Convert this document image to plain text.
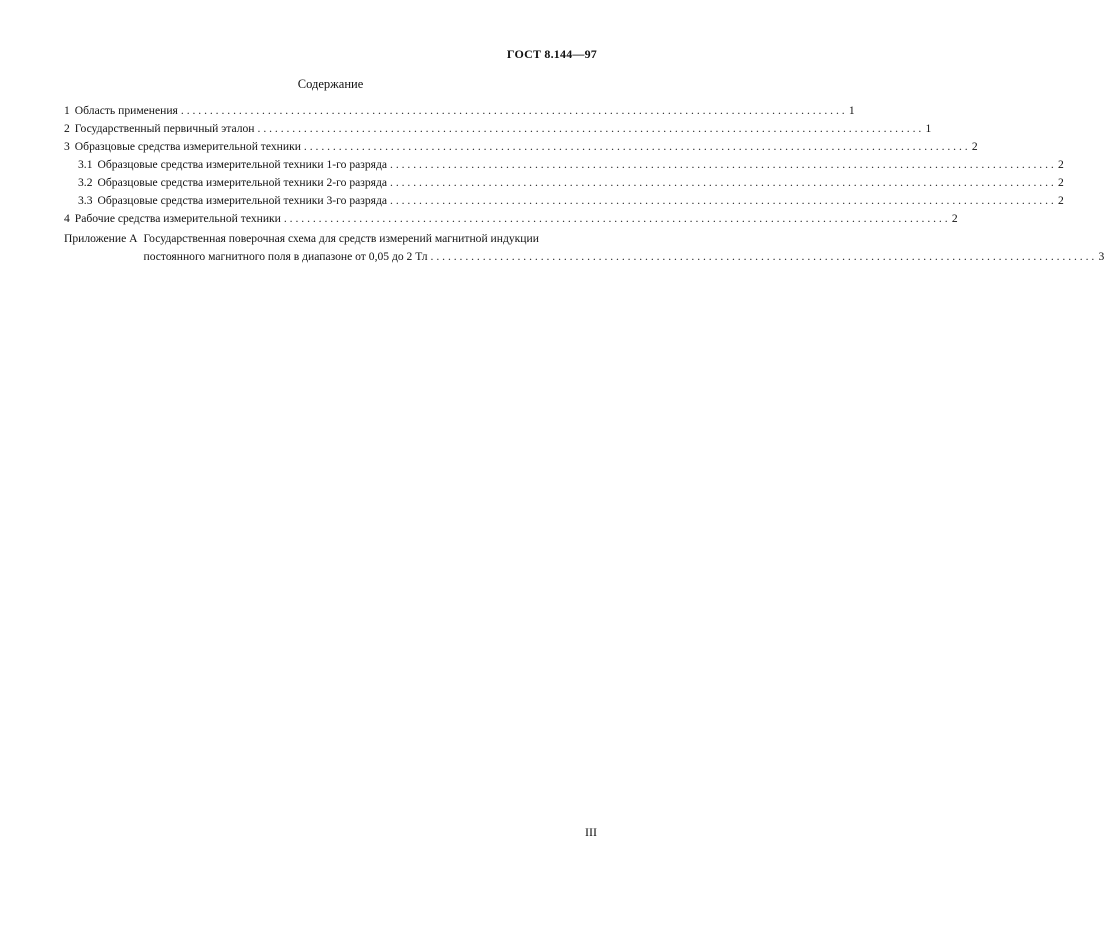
ГОСТ 8.144—97
Содержание
1 Область применения . . .	1
2 Государственный первичный эталон . . .	1
3 Образцовые средства измерительной техники . . .	2
3.1 Образцовые средства измерительной техники 1-го разряда . . .	2
3.2 Образцовые средства измерительной техники 2-го разряда . . .	2
3.3 Образцовые средства измерительной техники 3-го разряда . . .	2
4 Рабочие средства измерительной техники . . .	2
Приложение А Государственная поверочная схема для средств измерений магнитной индукции
постоянного магнитного поля в диапазоне от 0,05 до 2 Тл . . .	3
III
